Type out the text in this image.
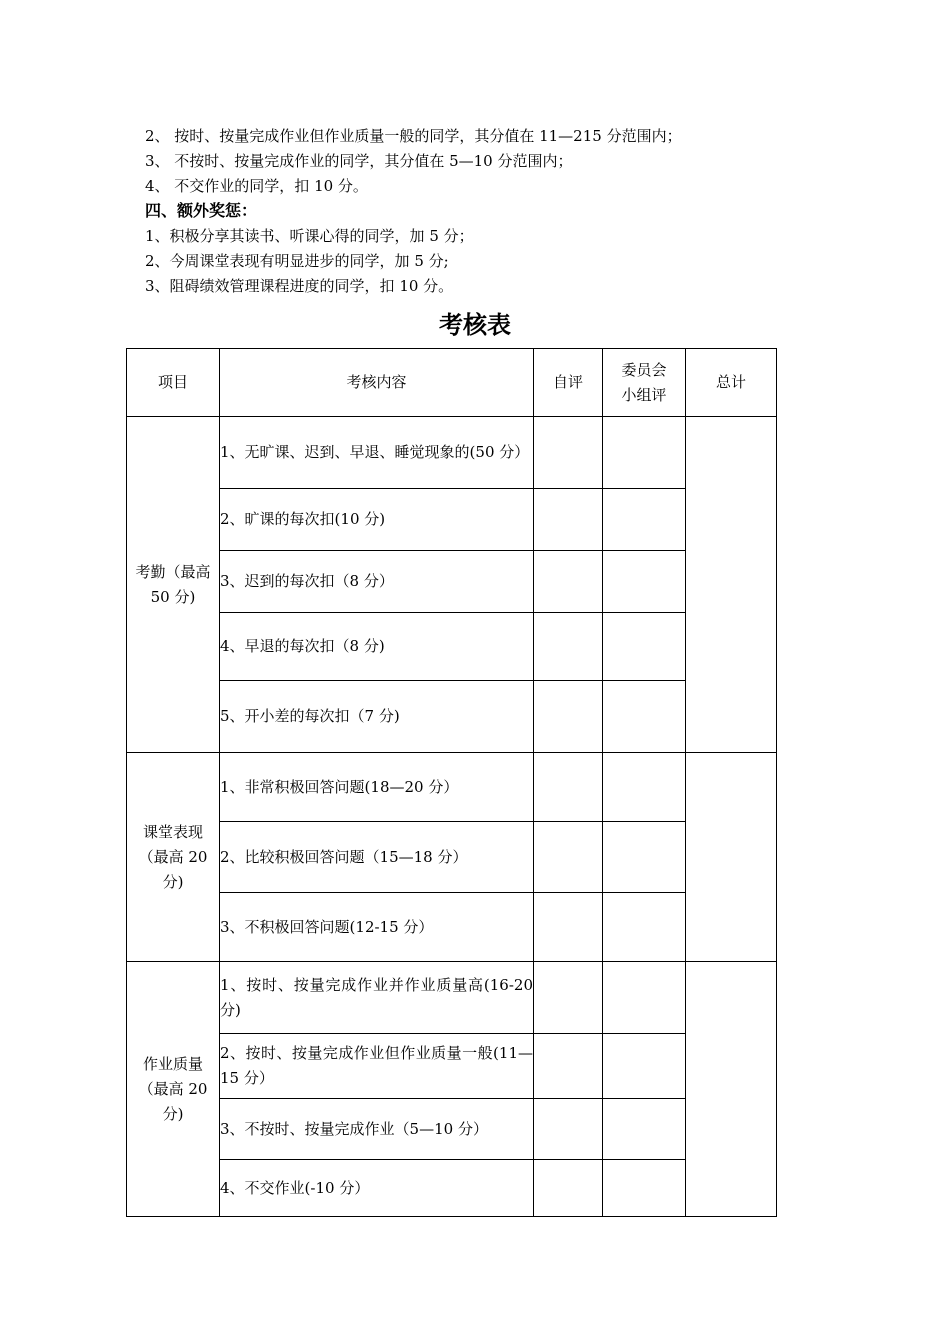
2、 按时、按量完成作业但作业质量一般的同学，其分值在 11—215 分范围内；
3、 不按时、按量完成作业的同学，其分值在 5—10 分范围内；
4、 不交作业的同学，扣 10 分。
四、额外奖惩：
1、积极分享其读书、听课心得的同学，加 5 分；
2、今周课堂表现有明显进步的同学，加 5 分;
3、阻碍绩效管理课程进度的同学，扣 10 分。
考核表
项目	考核内容	自评	委员会小组评	总计

考勤（最高 50 分)	1、无旷课、迟到、早退、睡觉现象的(50 分）			

	2、旷课的每次扣(10 分)			

	3、迟到的每次扣（8 分）			

	4、早退的每次扣（8 分)			

	5、开小差的每次扣（7 分)			

课堂表现（最高 20 分)	1、非常积极回答问题(18—20 分）			

	2、比较积极回答问题（15—18 分）			

	3、不积极回答问题(12-15 分）			

作业质量（最高 20 分)	1、按时、按量完成作业并作业质量高(16-20 分)			

	2、按时、按量完成作业但作业质量一般(11—15 分）			

	3、不按时、按量完成作业（5—10 分）			

	4、不交作业(-10 分）			
